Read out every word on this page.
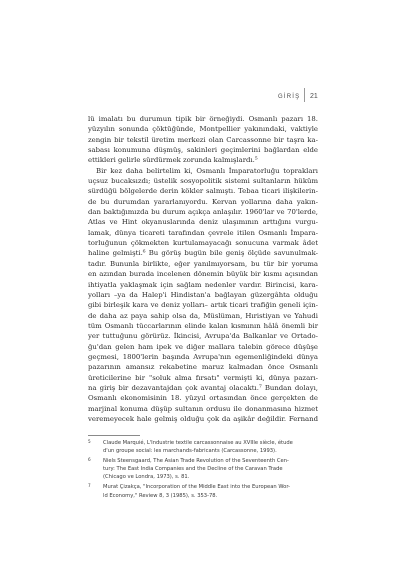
GİRİŞ 21
lü imalatı bu durumun tipik bir örneğiydi. Osmanlı pazarı 18.
yüzyılın sonunda çöktüğünde, Montpellier yakınındaki, vaktiyle
zengin bir tekstil üretim merkezi olan Carcassonne bir taşra ka-
sabası konumuna düşmüş, sakinleri geçimlerini bağlardan elde
ettikleri gelirle sürdürmek zorunda kalmışlardı.⁵
Bir kez daha belirtelim ki, Osmanlı İmparatorluğu toprakları
uçsuz bucaksızdı; üstelik sosyopolitik sistemi sultanların hüküm
sürdüğü bölgelerde derin kökler salmıştı. Tebaa ticari ilişkilerin-
de bu durumdan yararlanıyordu. Kervan yollarına daha yakın-
dan baktığımızda bu durum açıkça anlaşılır. 1960'lar ve 70'lerde,
Atlas ve Hint okyanuslarında deniz ulaşımının arttığını vurgu-
lamak, dünya ticareti tarafından çevrele itilen Osmanlı İmpara-
torluğunun çökmekten kurtulamayacağı sonucuna varmak âdet
haline gelmişti.⁶ Bu görüş bugün bile geniş ölçüde savunulmak-
tadır. Bununla birlikte, eğer yanılmıyorsam, bu tür bir yoruma
en azından burada incelenen dönemin büyük bir kısmı açısından
ihtiyatla yaklaşmak için sağlam nedenler vardır. Birincisi, kara-
yolları –ya da Halep'i Hindistan'a bağlayan güzergâhta olduğu
gibi birleşik kara ve deniz yolları– artık ticari trafiğin geneli için-
de daha az paya sahip olsa da, Müslüman, Hıristiyan ve Yahudi
tüm Osmanlı tüccarlarının elinde kalan kısmının hâlâ önemli bir
yer tuttuğunu görürüz. İkincisi, Avrupa'da Balkanlar ve Ortado-
ğu'dan gelen ham ipek ve diğer mallara talebin görece düşüşe
geçmesi, 1800'lerin başında Avrupa'nın egemenliğindeki dünya
pazarının amansız rekabetine maruz kalmadan önce Osmanlı
üreticilerine bir "soluk alma fırsatı" vermişti ki, dünya pazarı-
na giriş bir dezavantajdan çok avantaj olacaktı.⁷ Bundan dolayı,
Osmanlı ekonomisinin 18. yüzyıl ortasından önce gerçekten de
marjinal konuma düşüp sultanın ordusu ile donanmasına hizmet
veremeyecek hale gelmiş olduğu çok da aşikâr değildir. Fernand
5 Claude Marquié, L'Industrie textile carcassonnaise au XVIIIe siècle, étude
d'un groupe social: les marchands-fabricants (Carcassonne, 1993).
6 Niels Steensgaard, The Asian Trade Revolution of the Seventeenth Cen-
tury: The East India Companies and the Decline of the Caravan Trade
(Chicago ve Londra, 1973), s. 81.
7 Murat Çizakça, "Incorporation of the Middle East into the European Wor-
ld Economy," Review 8, 3 (1985), s. 353-78.
